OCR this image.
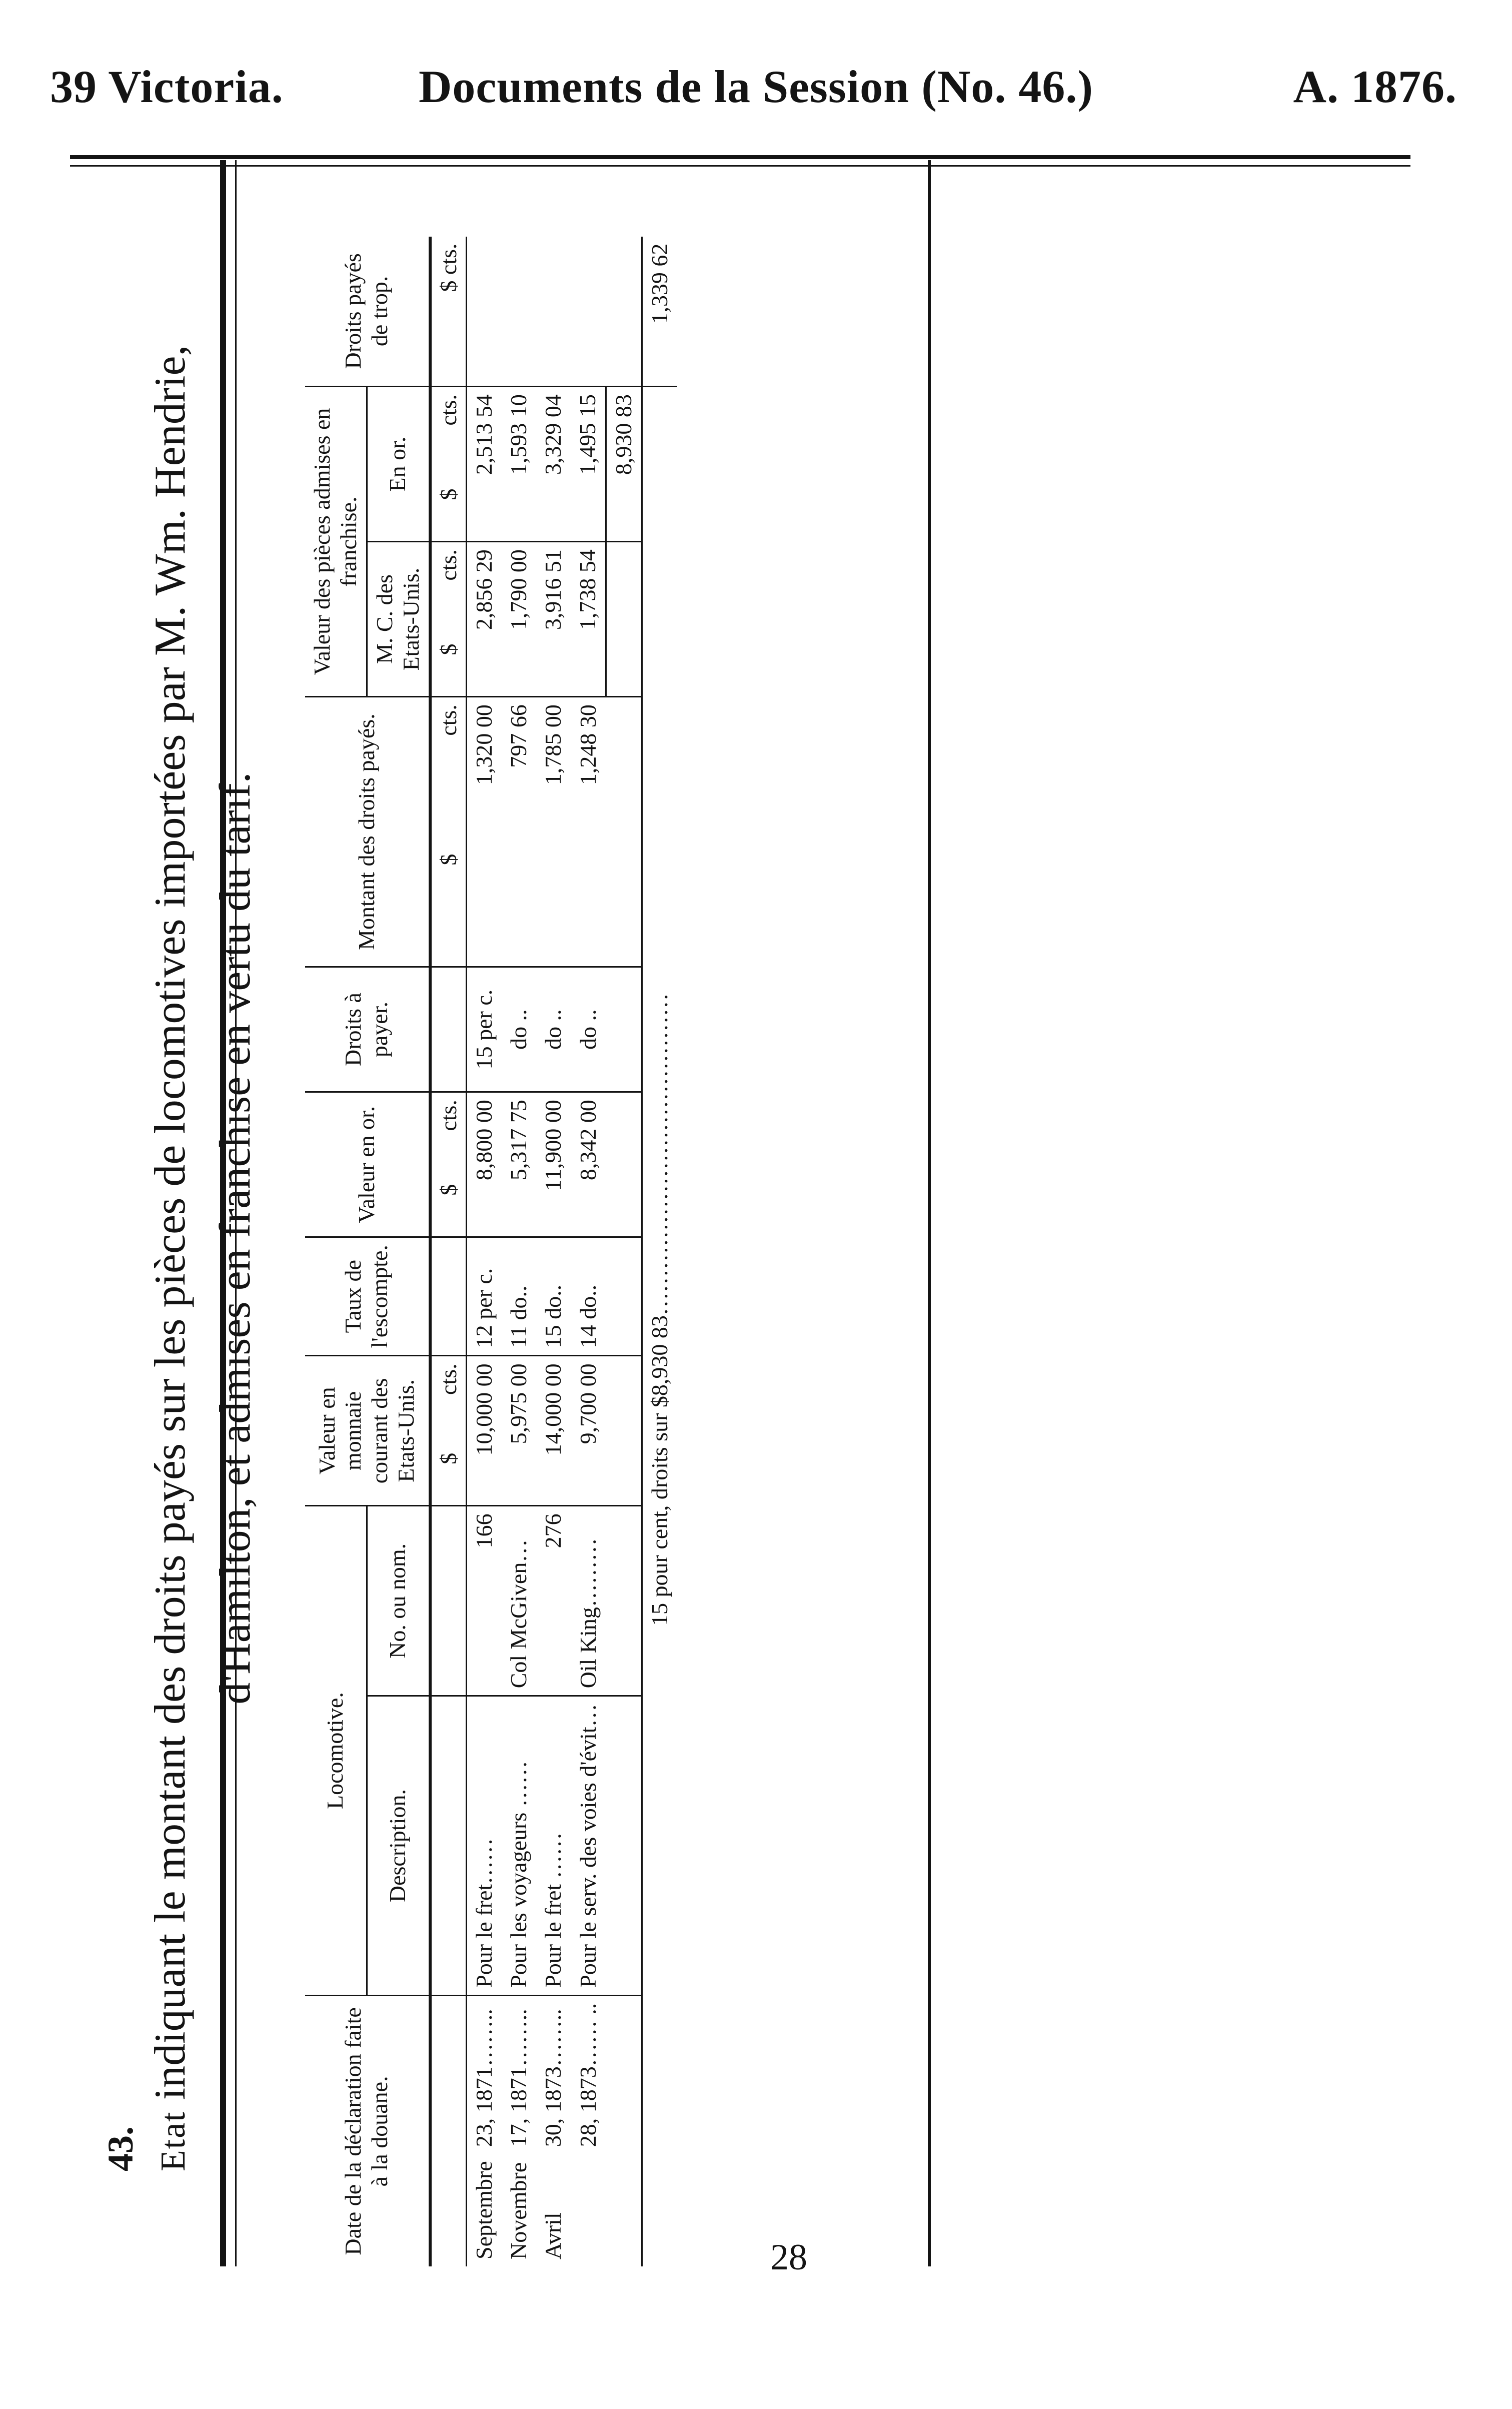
39 Victoria.	Documents de la Session (No. 46.)	A. 1876.
43. Etat indiquant le montant des droits payés sur les pièces de locomotives importées par M. Wm. Hendrie, d'Hamilton, et admises en franchise en vertu du tarif.
Date de la déclaration faite à la douane.		Locomotive.		Valeur en monnaie courant des Etats-Unis.		Taux de l'escompte.	Valeur en or.		Droits à payer.	Montant des droits payés.		Valeur des pièces admises en franchise.				Droits payés de trop.
		Description.	No. ou nom.									M. C. des Etats-Unis.		En or.		
				$	cts.		$	cts.		$	cts.	$	cts.	$	cts.	$ cts.
Septembre	23, 1871……..	Pour le fret……	166	10,000 00		12 per c.	8,800 00		15 per c.	1,320 00		2,856 29		2,513 54		
Novembre	17, 1871……..	Pour les voyageurs ……	Col McGiven…	5,975 00		11 do..	5,317 75		do ..	797 66		1,790 00		1,593 10		
Avril	30, 1873……..	Pour le fret ……	276	14,000 00		15 do..	11,900 00		do ..	1,785 00		3,916 51		3,329 04		
	28, 1873…… ..	Pour le serv. des voies d'évit…	Oil King………	9,700 00		14 do..	8,342 00		do ..	1,248 30		1,738 54		1,495 15		
														8,930 83		
15 pour cent, droits sur $8,930 83……………………………………																1,339 62
28
